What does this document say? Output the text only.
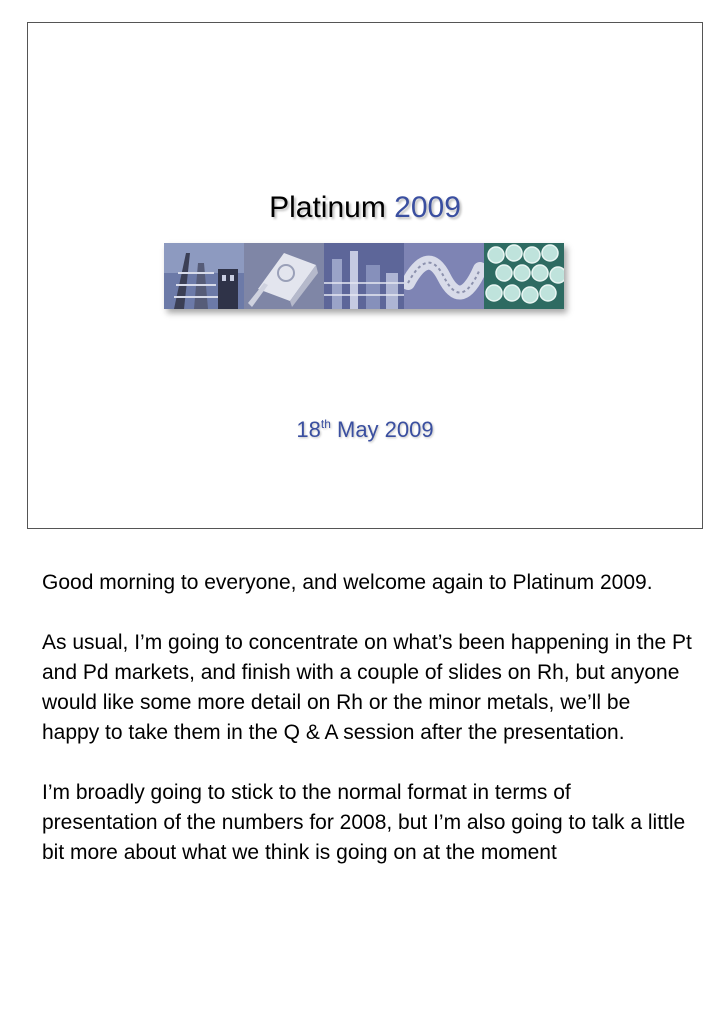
Platinum 2009
18th May 2009

Good morning to everyone, and welcome again to Platinum 2009.

As usual, I’m going to concentrate on what’s been happening in the Pt and Pd markets, and finish with a couple of slides on Rh, but anyone would like some more detail on Rh or the minor metals, we’ll be happy to take them in the Q & A session after the presentation.

I’m broadly going to stick to the normal format in terms of presentation of the numbers for 2008, but I’m also going to talk a little bit more about what we think is going on at the moment
